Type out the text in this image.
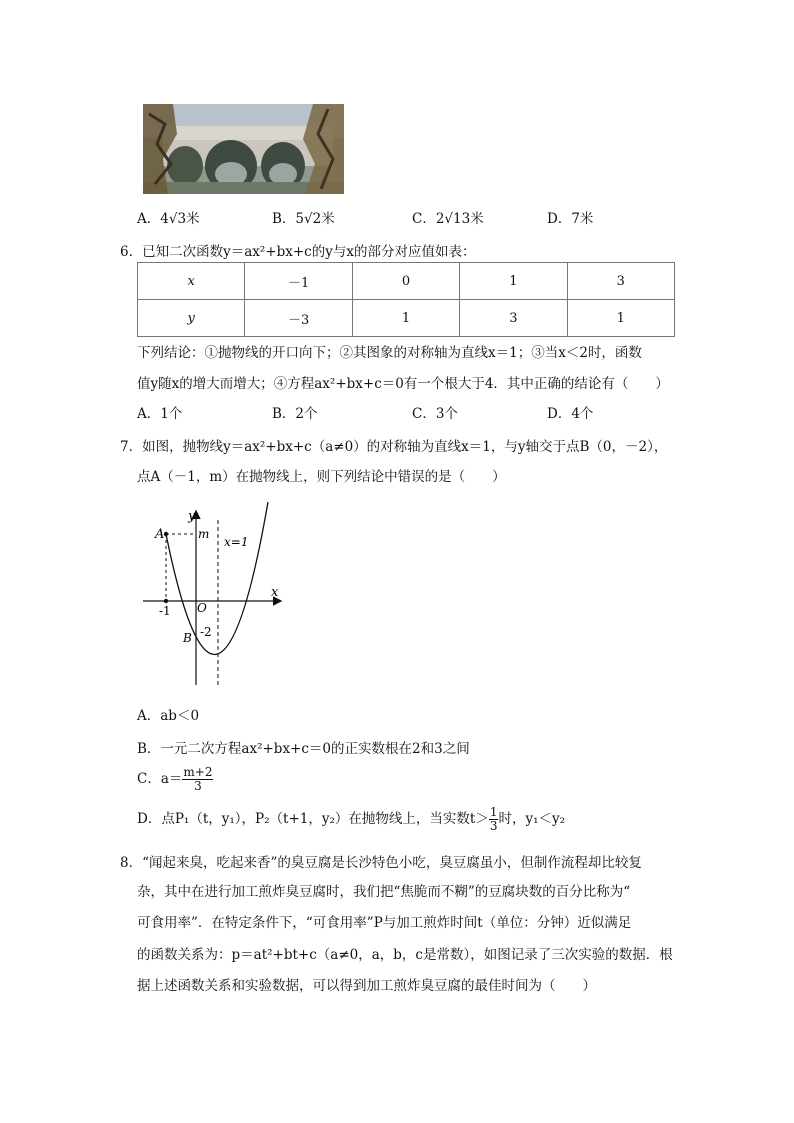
A．4√3米	B．5√2米	C．2√13米	D．7米
6．已知二次函数y＝ax²+bx+c的y与x的部分对应值如表：
x	－1	0	1	3
y	－3	1	3	1
下列结论：①抛物线的开口向下；②其图象的对称轴为直线x＝1；③当x＜2时，函数
值y随x的增大而增大；④方程ax²+bx+c＝0有一个根大于4．其中正确的结论有（　　）
A．1个	B．2个	C．3个	D．4个
7．如图，抛物线y＝ax²+bx+c（a≠0）的对称轴为直线x＝1，与y轴交于点B（0，－2），
点A（－1，m）在抛物线上，则下列结论中错误的是（　　）
y
x
A	m
x=1
-1 O
B -2
A．ab＜0
B．一元二次方程ax²+bx+c＝0的正实数根在2和3之间
C．$a= \frac{m+2}{3}$
D．点P₁（t，y₁），P₂（t+1，y₂）在抛物线上，当实数$t> \frac{1}{3}$ 时，y₁＜y₂
8．“闻起来臭，吃起来香”的臭豆腐是长沙特色小吃，臭豆腐虽小，但制作流程却比较复
杂，其中在进行加工煎炸臭豆腐时，我们把“焦脆而不糊”的豆腐块数的百分比称为“
可食用率”．在特定条件下，“可食用率”P与加工煎炸时间t（单位：分钟）近似满足
的函数关系为：p＝at²+bt+c（a≠0，a，b，c是常数），如图记录了三次实验的数据．根
据上述函数关系和实验数据，可以得到加工煎炸臭豆腐的最佳时间为（　　）
